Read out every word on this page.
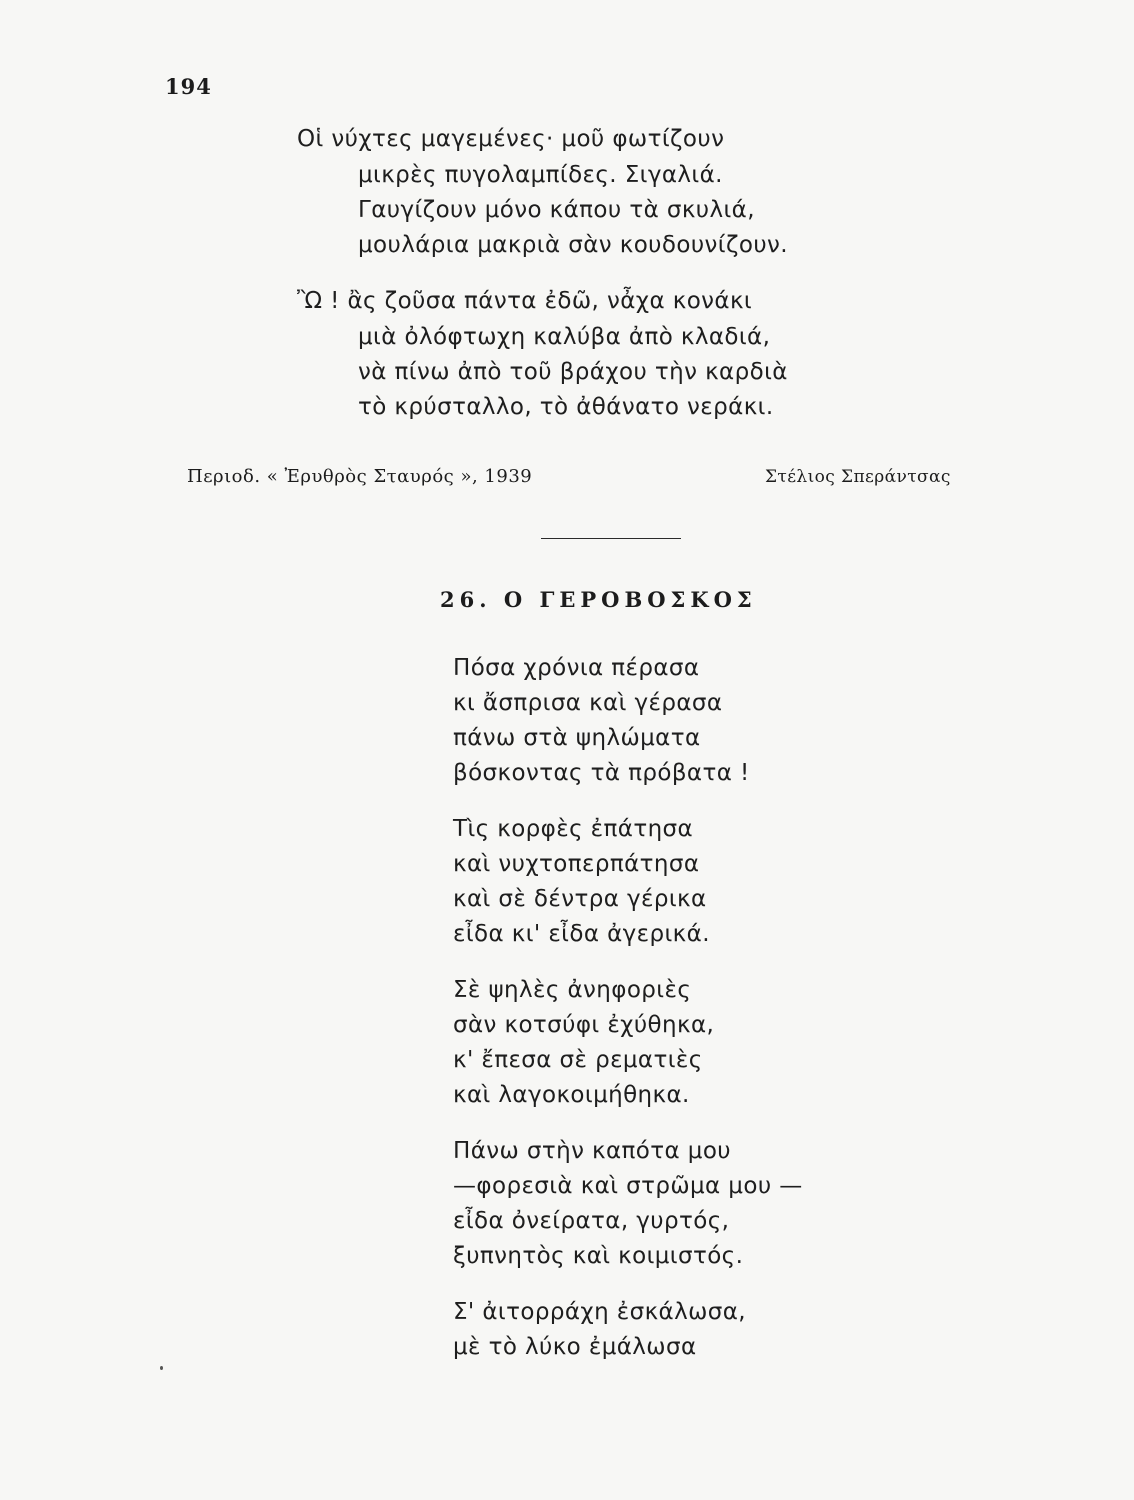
194
Οἱ νύχτες μαγεμένες· μοῦ φωτίζουν
μικρὲς πυγολαμπίδες. Σιγαλιά.
Γαυγίζουν μόνο κάπου τὰ σκυλιά,
μουλάρια μακριὰ σὰν κουδουνίζουν.
Ὢ ! ἂς ζοῦσα πάντα ἐδῶ, νἆχα κονάκι
μιὰ ὀλόφτωχη καλύβα ἀπὸ κλαδιά,
νὰ πίνω ἀπὸ τοῦ βράχου τὴν καρδιὰ
τὸ κρύσταλλο, τὸ ἀθάνατο νεράκι.
Περιοδ. « Ἐρυθρὸς Σταυρός », 1939	Στέλιος Σπεράντσας
26. Ο ΓΕΡΟΒΟΣΚΟΣ
Πόσα χρόνια πέρασα
κι ἄσπρισα καὶ γέρασα
πάνω στὰ ψηλώματα
βόσκοντας τὰ πρόβατα !
Τὶς κορφὲς ἐπάτησα
καὶ νυχτοπερπάτησα
καὶ σὲ δέντρα γέρικα
εἶδα κι' εἶδα ἀγερικά.
Σὲ ψηλὲς ἀνηφοριὲς
σὰν κοτσύφι ἐχύθηκα,
κ' ἔπεσα σὲ ρεματιὲς
καὶ λαγοκοιμήθηκα.
Πάνω στὴν καπότα μου
—φορεσιὰ καὶ στρῶμα μου —
εἶδα ὀνείρατα, γυρτός,
ξυπνητὸς καὶ κοιμιστός.
Σ' ἀιτορράχη ἐσκάλωσα,
μὲ τὸ λύκο ἐμάλωσα
